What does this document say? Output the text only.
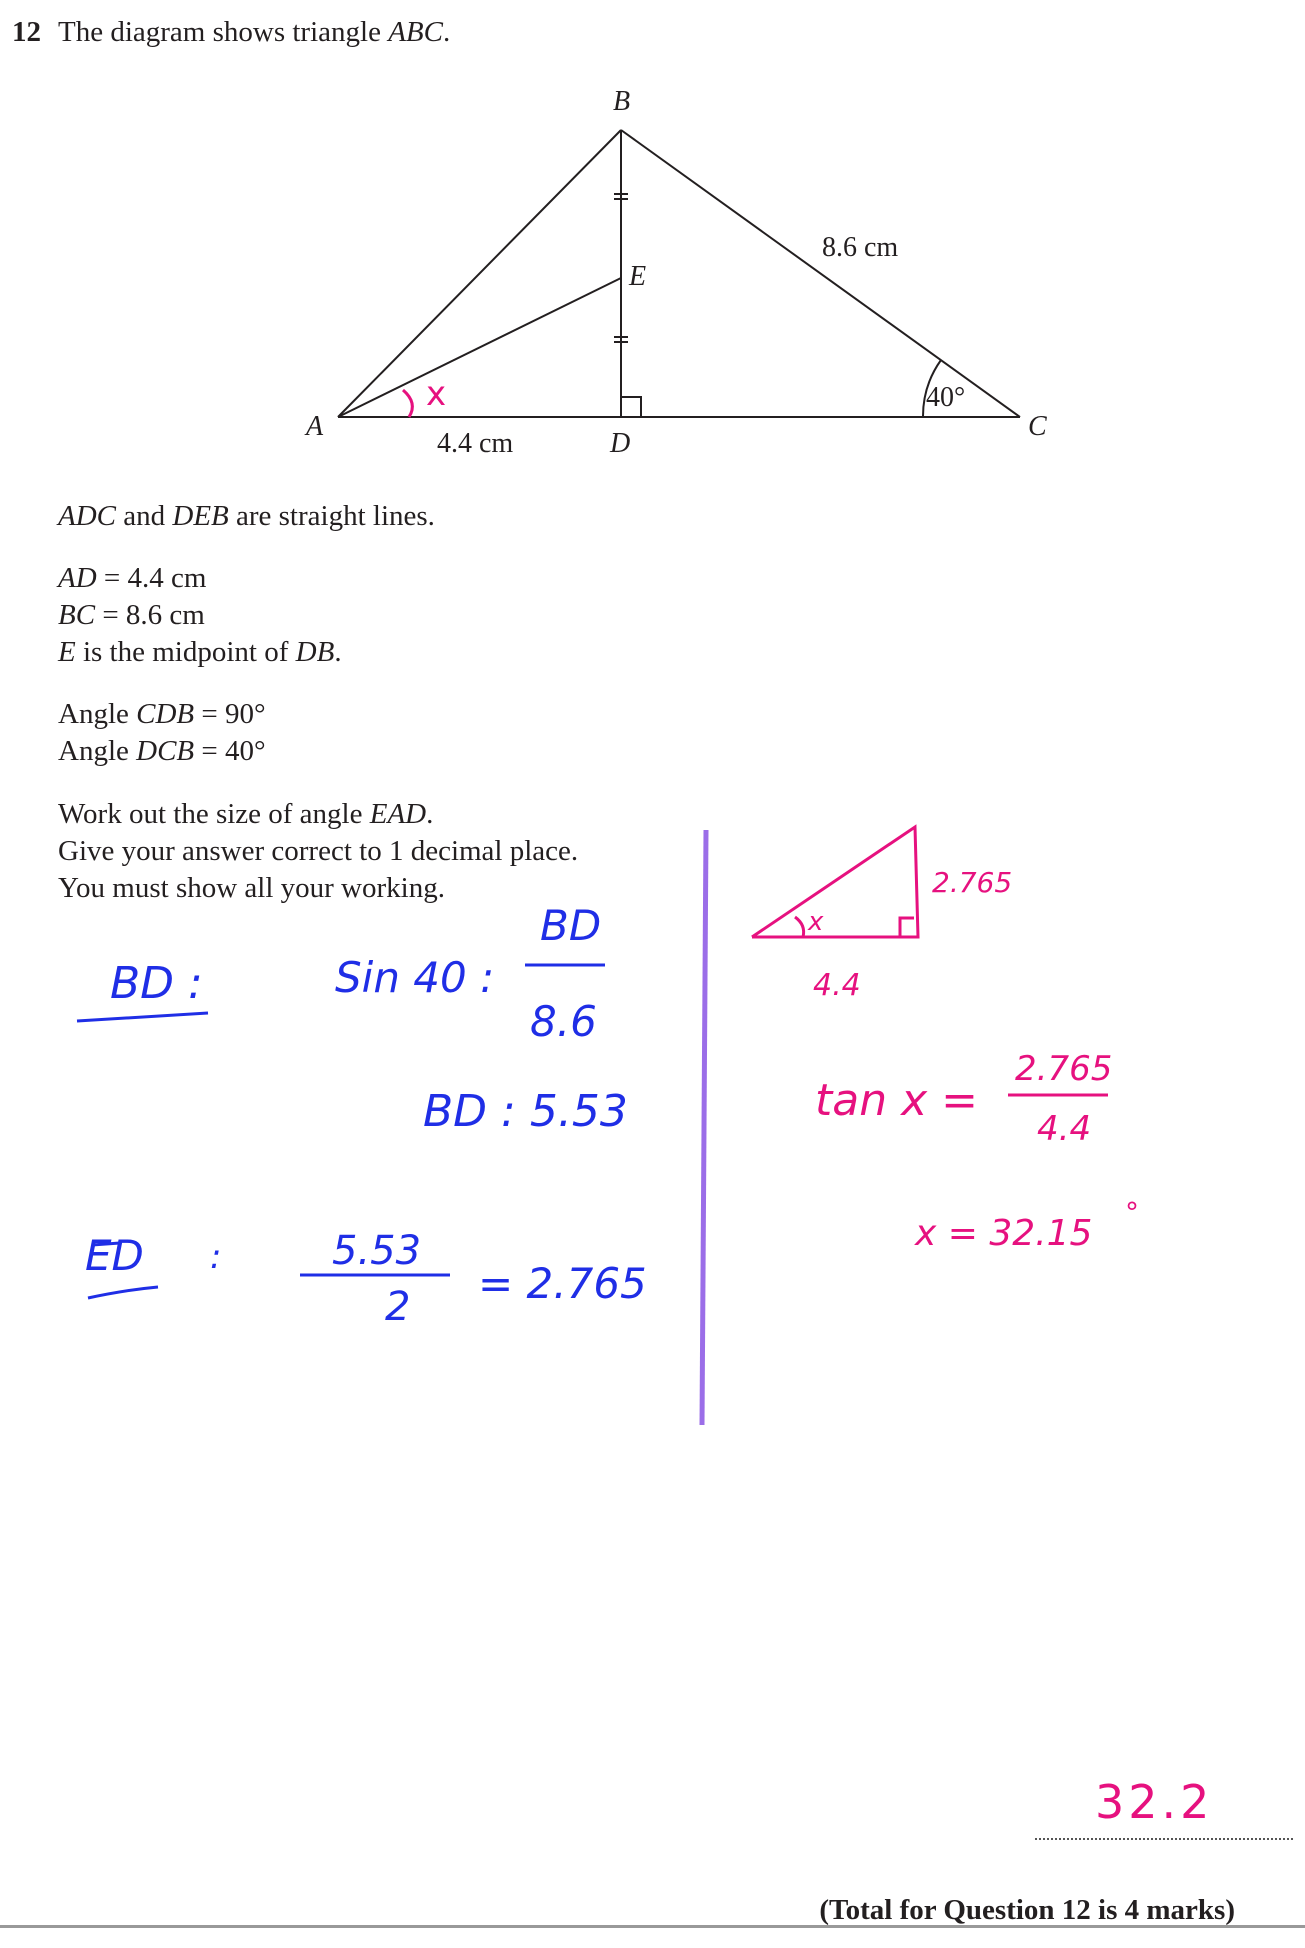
12 The diagram shows triangle ABC.
B
E
A
D
C
4.4 cm
8.6 cm
40°
x
BD :	Sin 40 :
BD
8.6
BD : 5.53
ED :	5.53
2 = 2.765
x
2.765
4.4
tan x =
2.765
4.4
x = 32.15
°
ADC and DEB are straight lines.
AD = 4.4 cm
BC = 8.6 cm
E is the midpoint of DB.
Angle CDB = 90°
Angle DCB = 40°
Work out the size of angle EAD.
Give your answer correct to 1 decimal place.
You must show all your working.
32.2
(Total for Question 12 is 4 marks)
